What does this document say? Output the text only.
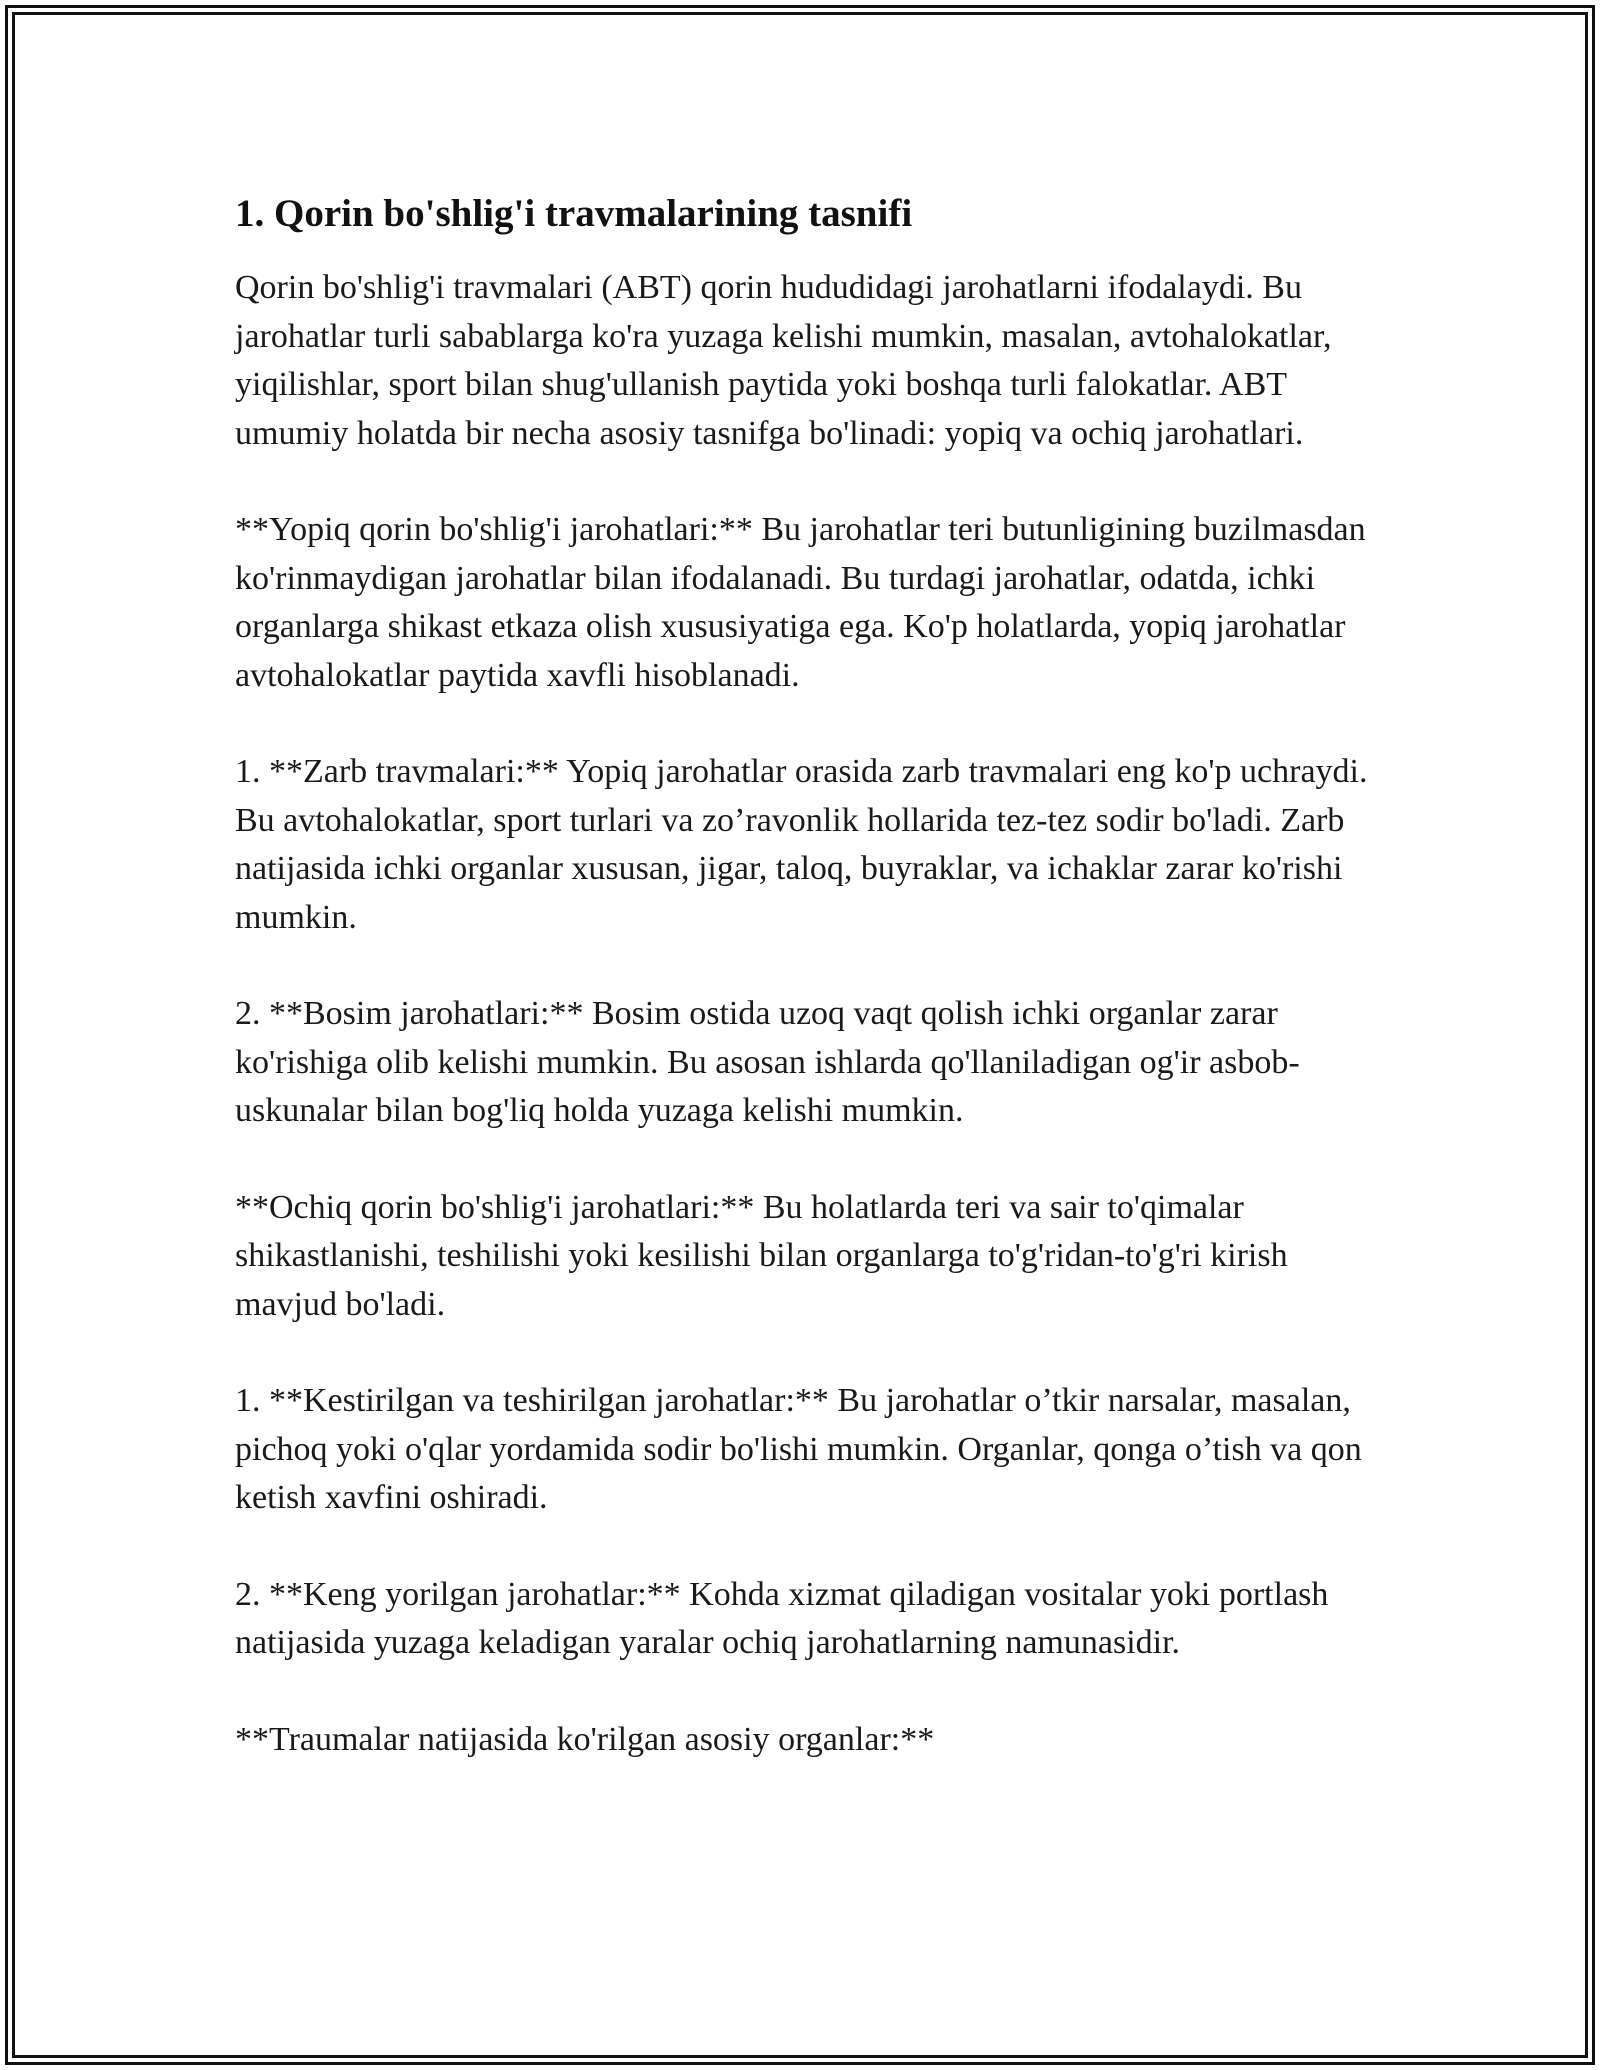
1. Qorin bo'shlig'i travmalarining tasnifi

Qorin bo'shlig'i travmalari (ABT) qorin hududidagi jarohatlarni ifodalaydi. Bu jarohatlar turli sabablarga ko'ra yuzaga kelishi mumkin, masalan, avtohalokatlar, yiqilishlar, sport bilan shug'ullanish paytida yoki boshqa turli falokatlar. ABT umumiy holatda bir necha asosiy tasnifga bo'linadi: yopiq va ochiq jarohatlari.

**Yopiq qorin bo'shlig'i jarohatlari:** Bu jarohatlar teri butunligining buzilmasdan ko'rinmaydigan jarohatlar bilan ifodalanadi. Bu turdagi jarohatlar, odatda, ichki organlarga shikast etkaza olish xususiyatiga ega. Ko'p holatlarda, yopiq jarohatlar avtohalokatlar paytida xavfli hisoblanadi.

1. **Zarb travmalari:** Yopiq jarohatlar orasida zarb travmalari eng ko'p uchraydi. Bu avtohalokatlar, sport turlari va zo’ravonlik hollarida tez-tez sodir bo'ladi. Zarb natijasida ichki organlar xususan, jigar, taloq, buyraklar, va ichaklar zarar ko'rishi mumkin.

2. **Bosim jarohatlari:** Bosim ostida uzoq vaqt qolish ichki organlar zarar ko'rishiga olib kelishi mumkin. Bu asosan ishlarda qo'llaniladigan og'ir asbob-uskunalar bilan bog'liq holda yuzaga kelishi mumkin.

**Ochiq qorin bo'shlig'i jarohatlari:** Bu holatlarda teri va sair to'qimalar shikastlanishi, teshilishi yoki kesilishi bilan organlarga to'g'ridan-to'g'ri kirish mavjud bo'ladi.

1. **Kestirilgan va teshirilgan jarohatlar:** Bu jarohatlar o’tkir narsalar, masalan, pichoq yoki o'qlar yordamida sodir bo'lishi mumkin. Organlar, qonga o’tish va qon ketish xavfini oshiradi.

2. **Keng yorilgan jarohatlar:** Kohda xizmat qiladigan vositalar yoki portlash natijasida yuzaga keladigan yaralar ochiq jarohatlarning namunasidir.

**Traumalar natijasida ko'rilgan asosiy organlar:**
